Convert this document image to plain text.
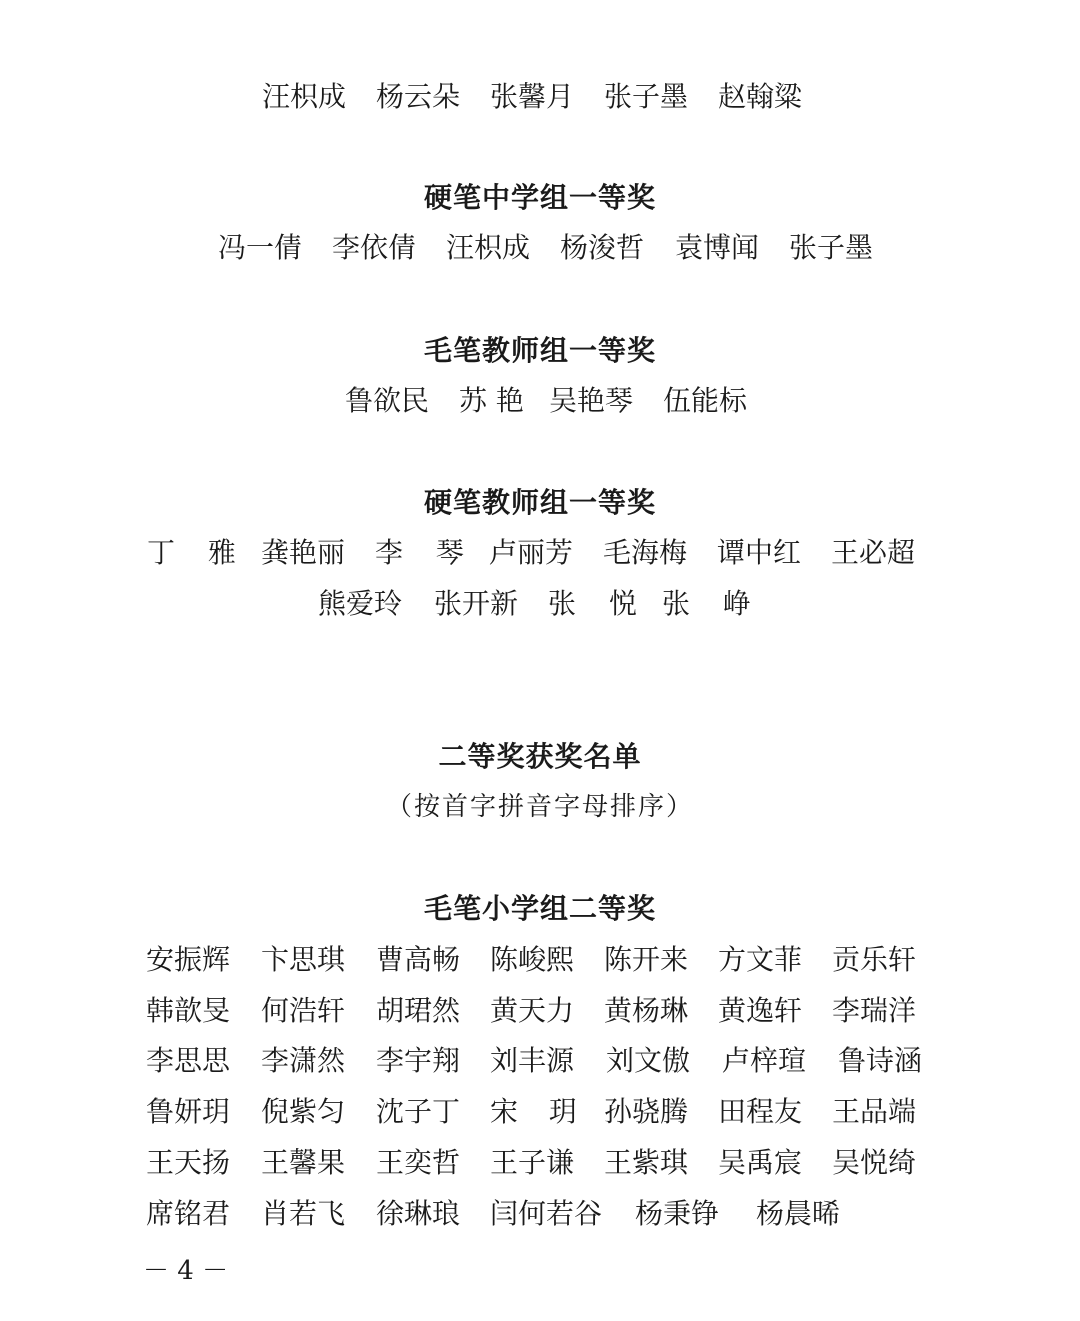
汪枳成 杨云朵 张馨月 张子墨 赵翰粱
硬笔中学组一等奖
冯一倩 李依倩 汪枳成 杨浚哲 袁博闻 张子墨
毛笔教师组一等奖
鲁欲民 苏 艳 吴艳琴 伍能标
硬笔教师组一等奖
丁 雅 龚艳丽 李 琴 卢丽芳 毛海梅 谭中红 王必超
熊爱玲 张开新 张 悦 张 峥
二等奖获奖名单
（按首字拼音字母排序）
毛笔小学组二等奖
安振辉 卞思琪 曹高畅 陈峻熙 陈开来 方文菲 贡乐轩
韩歆旻 何浩轩 胡珺然 黄天力 黄杨琳 黄逸轩 李瑞洋
李思思 李潇然 李宇翔 刘丰源 刘文傲 卢梓瑄 鲁诗涵
鲁妍玥 倪紫匀 沈子丁 宋 玥 孙骁腾 田程友 王品端
王天扬 王馨果 王奕哲 王子谦 王紫琪 吴禹宸 吴悦绮
席铭君 肖若飞 徐琳琅 闫何若谷 杨秉铮 杨晨晞
－ 4 －
